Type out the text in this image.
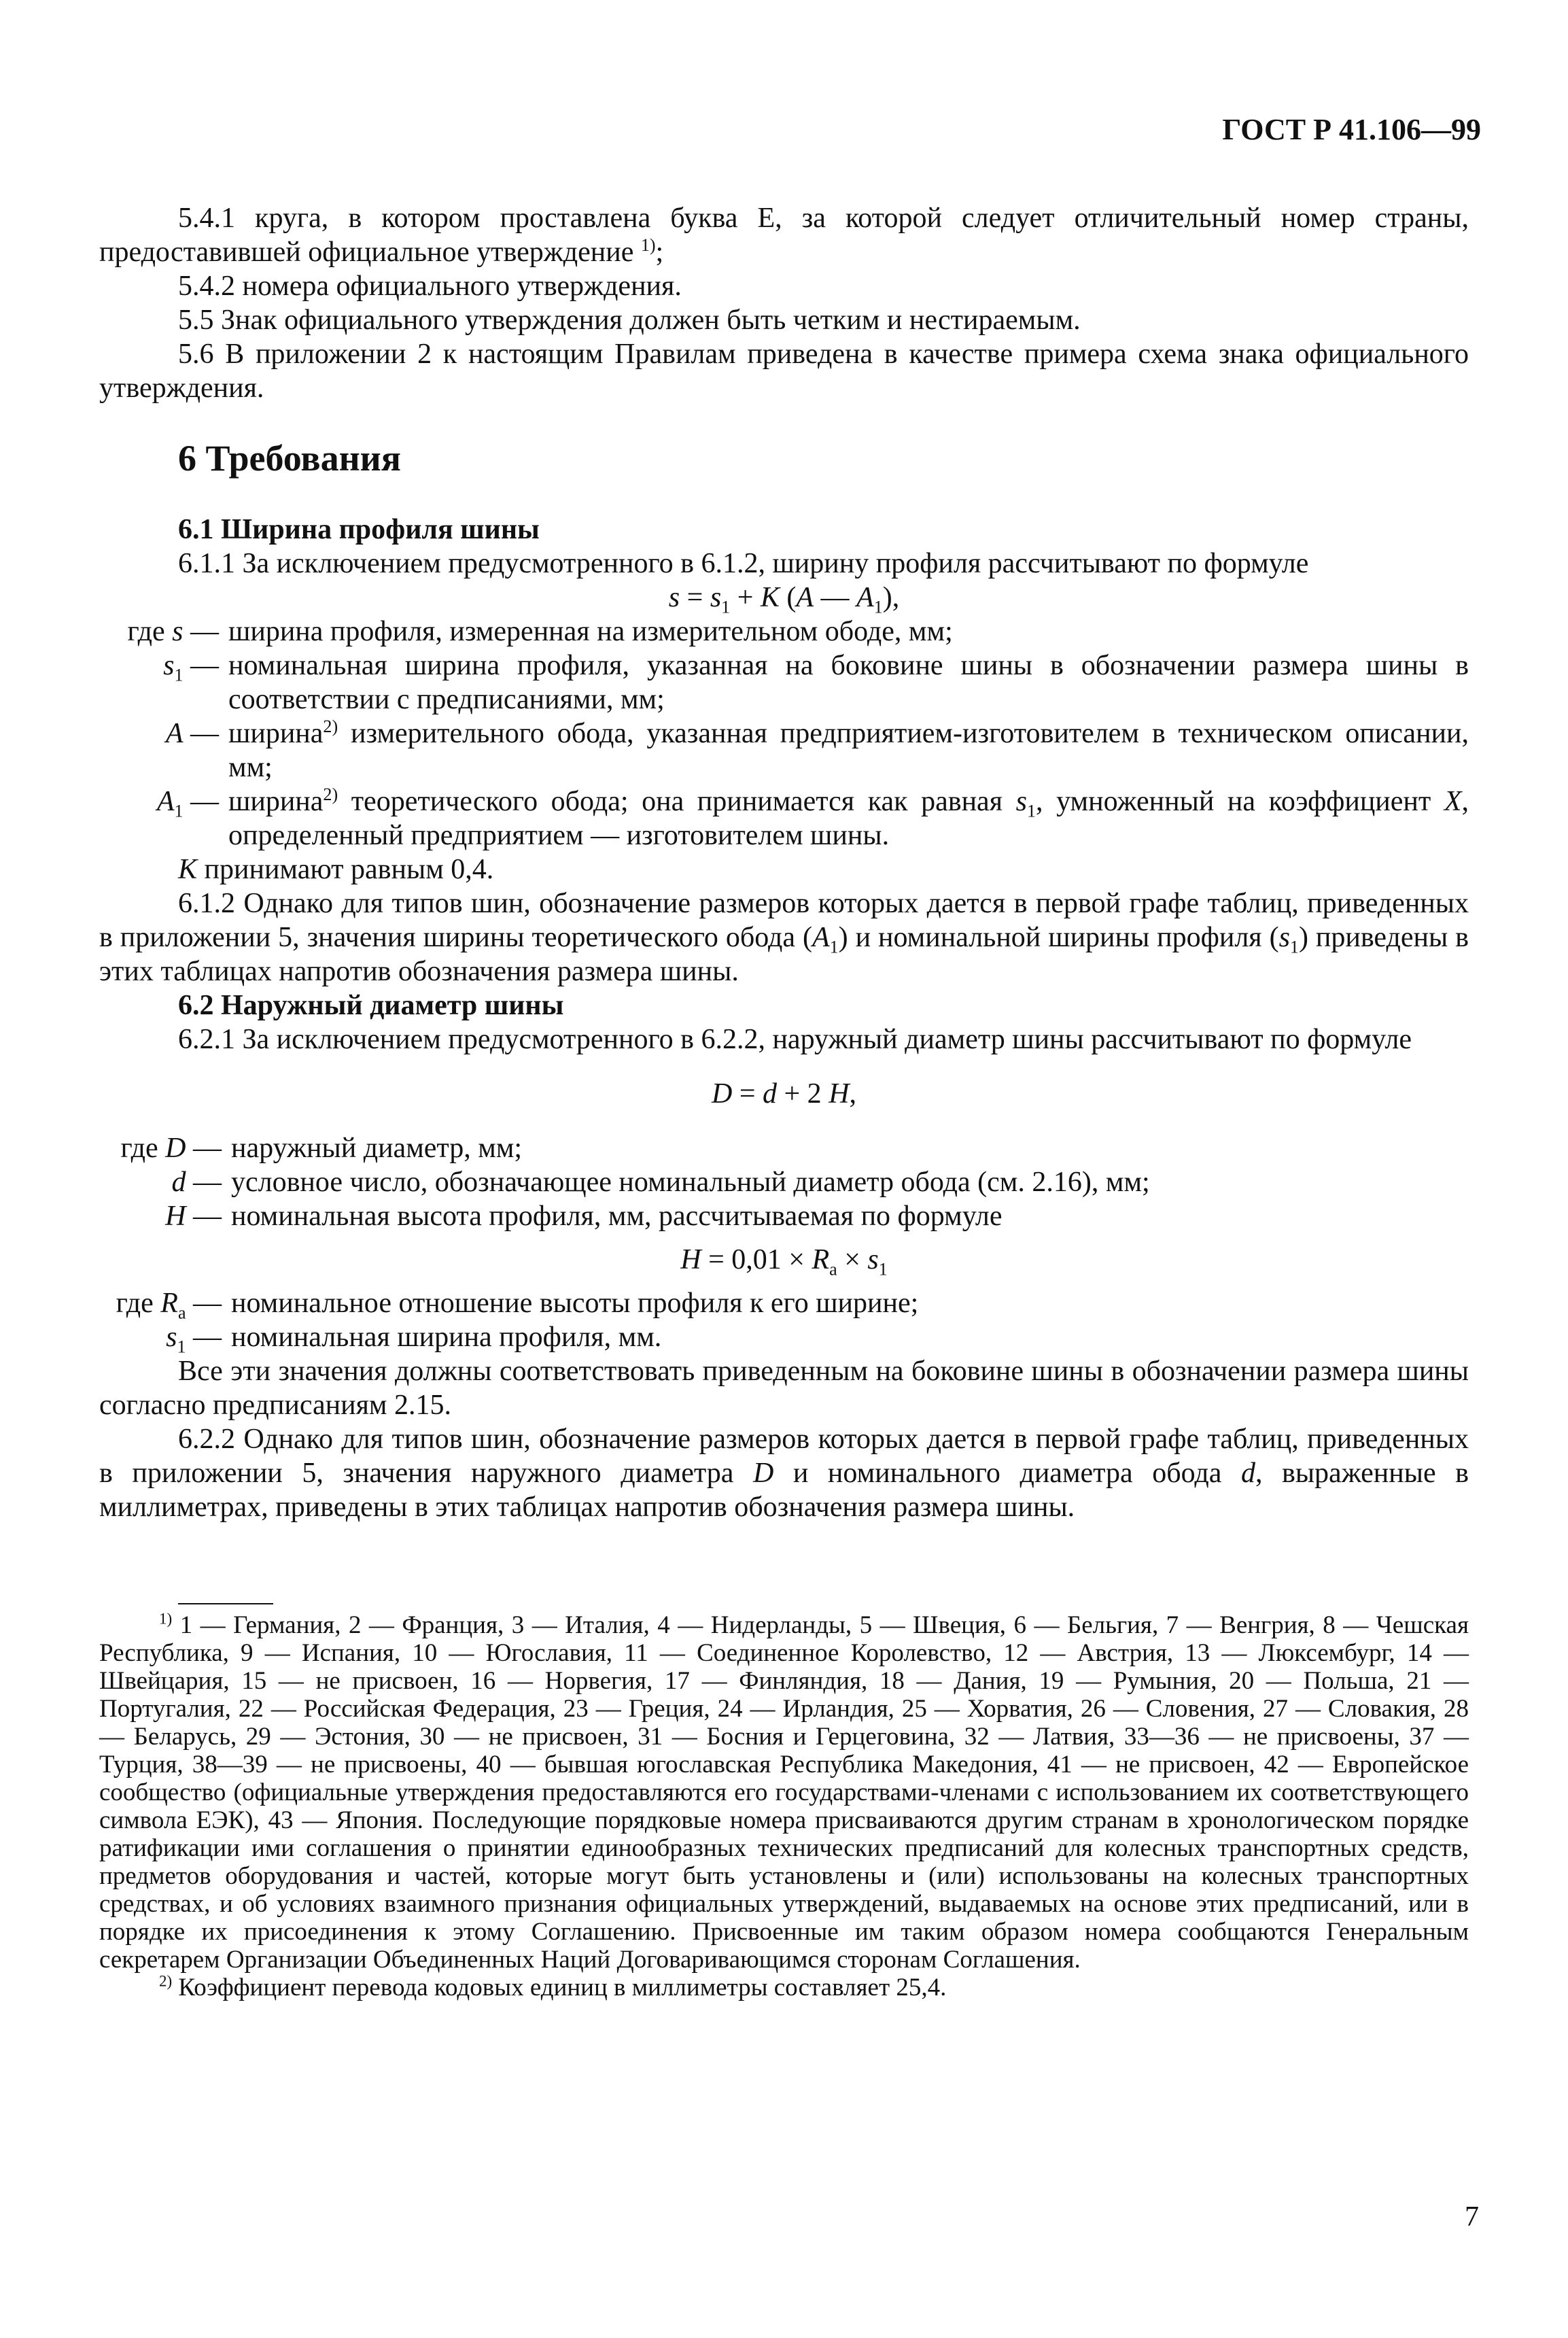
ГОСТ Р 41.106—99

5.4.1 круга, в котором проставлена буква Е, за которой следует отличительный номер страны, предоставившей официальное утверждение $^{1)}$;

5.4.2 номера официального утверждения.

5.5 Знак официального утверждения должен быть четким и нестираемым.

5.6 В приложении 2 к настоящим Правилам приведена в качестве примера схема знака официального утверждения.

6 Требования

6.1 Ширина профиля шины

6.1.1 За исключением предусмотренного в 6.1.2, ширину профиля рассчитывают по формуле

$s = s_1 + K$ (A — $A_1$),

где s —	ширина профиля, измеренная на измерительном ободе, мм;
$s_1$ —	номинальная ширина профиля, указанная на боковине шины в обозначении размера шины в соответствии с предписаниями, мм;
A —	ширина$^{2)}$ измерительного обода, указанная предприятием-изготовителем в техническом описании, мм;
$A_1$ —	ширина$^{2)}$ теоретического обода; она принимается как равная $s_1$, умноженный на коэффициент X, определенный предприятием — изготовителем шины.

K принимают равным 0,4.

6.1.2 Однако для типов шин, обозначение размеров которых дается в первой графе таблиц, приведенных в приложении 5, значения ширины теоретического обода $(A_1)$ и номинальной ширины профиля $(s_1)$ приведены в этих таблицах напротив обозначения размера шины.

6.2 Наружный диаметр шины

6.2.1 За исключением предусмотренного в 6.2.2, наружный диаметр шины рассчитывают по формуле

D = d + 2 H,

где D —	наружный диаметр, мм;
d —	условное число, обозначающее номинальный диаметр обода (см. 2.16), мм;
H —	номинальная высота профиля, мм, рассчитываемая по формуле

$H = 0,01 \times R_a \times s_1$

где $R_a$ —	номинальное отношение высоты профиля к его ширине;
$s_1$ —	номинальная ширина профиля, мм.

Все эти значения должны соответствовать приведенным на боковине шины в обозначении размера шины согласно предписаниям 2.15.

6.2.2 Однако для типов шин, обозначение размеров которых дается в первой графе таблиц, приведенных в приложении 5, значения наружного диаметра D и номинального диаметра обода d, выраженные в миллиметрах, приведены в этих таблицах напротив обозначения размера шины.

$^{1)}$ 1 — Германия, 2 — Франция, 3 — Италия, 4 — Нидерланды, 5 — Швеция, 6 — Бельгия, 7 — Венгрия, 8 — Чешская Республика, 9 — Испания, 10 — Югославия, 11 — Соединенное Королевство, 12 — Австрия, 13 — Люксембург, 14 — Швейцария, 15 — не присвоен, 16 — Норвегия, 17 — Финляндия, 18 — Дания, 19 — Румыния, 20 — Польша, 21 — Португалия, 22 — Российская Федерация, 23 — Греция, 24 — Ирландия, 25 — Хорватия, 26 — Словения, 27 — Словакия, 28 — Беларусь, 29 — Эстония, 30 — не присвоен, 31 — Босния и Герцеговина, 32 — Латвия, 33—36 — не присвоены, 37 — Турция, 38—39 — не присвоены, 40 — бывшая югославская Республика Македония, 41 — не присвоен, 42 — Европейское сообщество (официальные утверждения предоставляются его государствами-членами с использованием их соответствующего символа ЕЭК), 43 — Япония. Последующие порядковые номера присваиваются другим странам в хронологическом порядке ратификации ими соглашения о принятии единообразных технических предписаний для колесных транспортных средств, предметов оборудования и частей, которые могут быть установлены и (или) использованы на колесных транспортных средствах, и об условиях взаимного признания официальных утверждений, выдаваемых на основе этих предписаний, или в порядке их присоединения к этому Соглашению. Присвоенные им таким образом номера сообщаются Генеральным секретарем Организации Объединенных Наций Договаривающимся сторонам Соглашения.

$^{2)}$ Коэффициент перевода кодовых единиц в миллиметры составляет 25,4.

7
